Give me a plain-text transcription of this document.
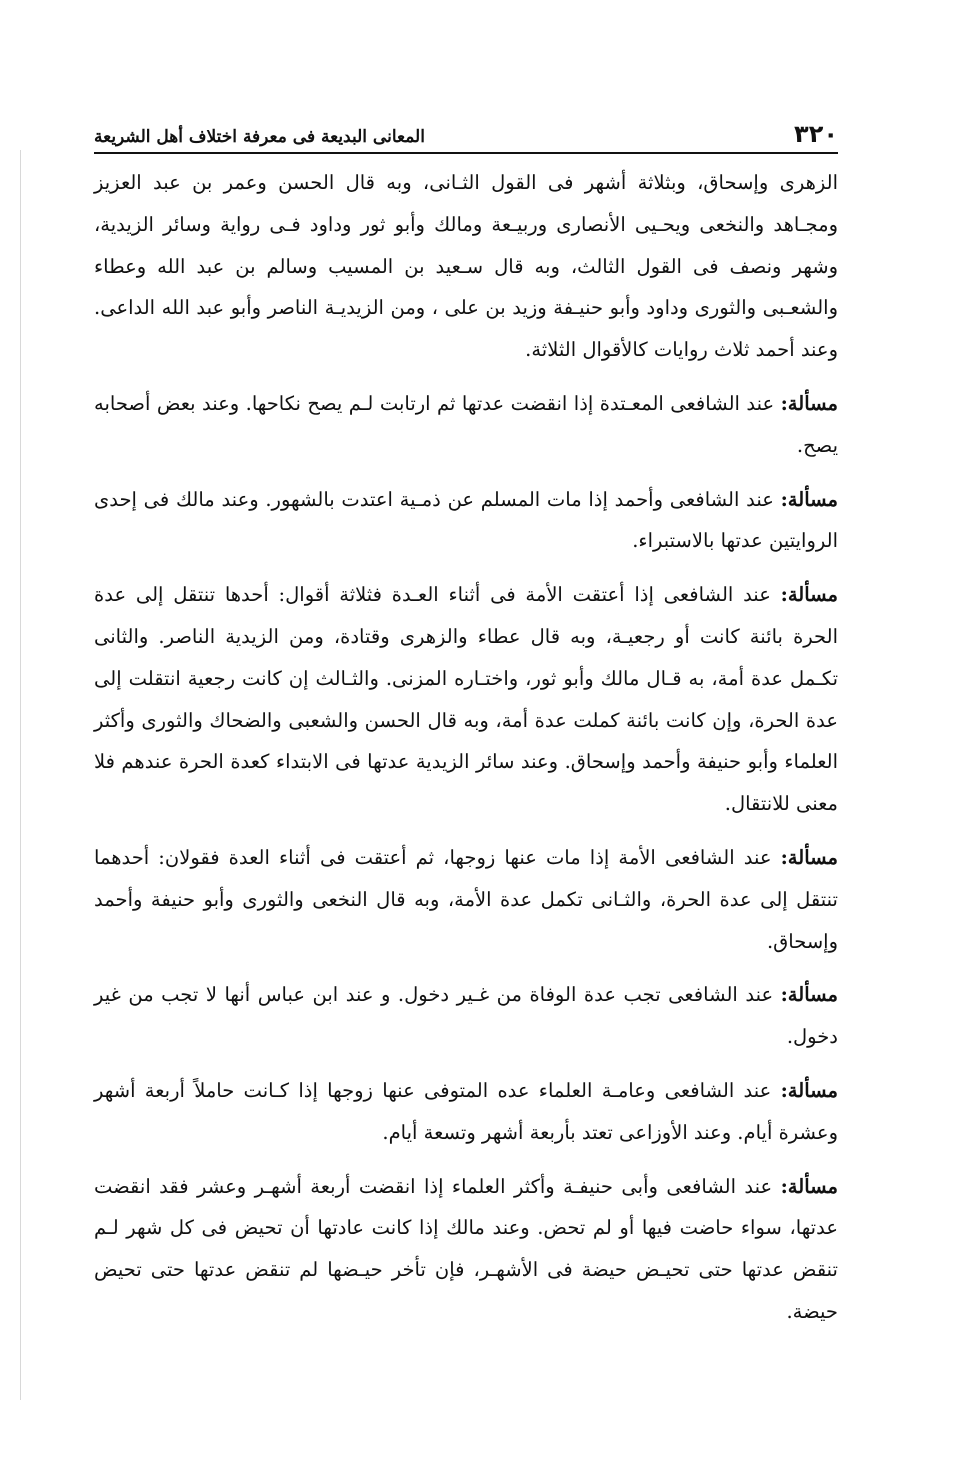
٣٢٠
المعانى البديعة فى معرفة اختلاف أهل الشريعة

الزهرى وإسحاق، وبثلاثة أشهر فى القول الثـانى، وبه قال الحسن وعمر بن عبد العزيز ومجـاهد والنخعى ويحـيى الأنصارى وربيـعة ومالك وأبو ثور وداود فـى رواية وسائر الزيدية، وشهر ونصف فى القول الثالث، وبه قال سـعيد بن المسيب وسالم بن عبد الله وعطاء والشعـبى والثورى وداود وأبو حنيـفة وزيد بن على ، ومن الزيديـة الناصر وأبو عبد الله الداعى. وعند أحمد ثلاث روايات كالأقوال الثلاثة.

مسألة: عند الشافعى المعـتدة إذا انقضت عدتها ثم ارتابت لـم يصح نكاحها. وعند بعض أصحابه يصح.

مسألة: عند الشافعى وأحمد إذا مات المسلم عن ذمـية اعتدت بالشهور. وعند مالك فى إحدى الروايتين عدتها بالاستبراء.

مسألة: عند الشافعى إذا أعتقت الأمة فى أثناء العـدة فثلاثة أقوال: أحدها تنتقل إلى عدة الحرة بائنة كانت أو رجعيـة، وبه قال عطاء والزهرى وقتادة، ومن الزيدية الناصر. والثانى تكـمل عدة أمة، به قـال مالك وأبو ثور، واختـاره المزنى. والثـالث إن كانت رجعية انتقلت إلى عدة الحرة، وإن كانت بائنة كملت عدة أمة، وبه قال الحسن والشعبى والضحاك والثورى وأكثر العلماء وأبو حنيفة وأحمد وإسحاق. وعند سائر الزيدية عدتها فى الابتداء كعدة الحرة عندهم فلا معنى للانتقال.

مسألة: عند الشافعى الأمة إذا مات عنها زوجها، ثم أعتقت فى أثناء العدة فقولان: أحدهما تنتقل إلى عدة الحرة، والثـانى تكمل عدة الأمة، وبه قال النخعى والثورى وأبو حنيفة وأحمد وإسحاق.

مسألة: عند الشافعى تجب عدة الوفاة من غـير دخول. و عند ابن عباس أنها لا تجب من غير دخول.

مسألة: عند الشافعى وعامـة العلماء عده المتوفى عنها زوجها إذا كـانت حاملاً أربعة أشهر وعشرة أيام. وعند الأوزاعى تعتد بأربعة أشهر وتسعة أيام.

مسألة: عند الشافعى وأبى حنيفـة وأكثر العلماء إذا انقضت أربعة أشهـر وعشر فقد انقضت عدتها، سواء حاضت فيها أو لم تحض. وعند مالك إذا كانت عادتها أن تحيض فى كل شهر لـم تنقض عدتها حتى تحيـض حيضة فى الأشهـر، فإن تأخر حيـضها لم تنقض عدتها حتى تحيض حيضة.
